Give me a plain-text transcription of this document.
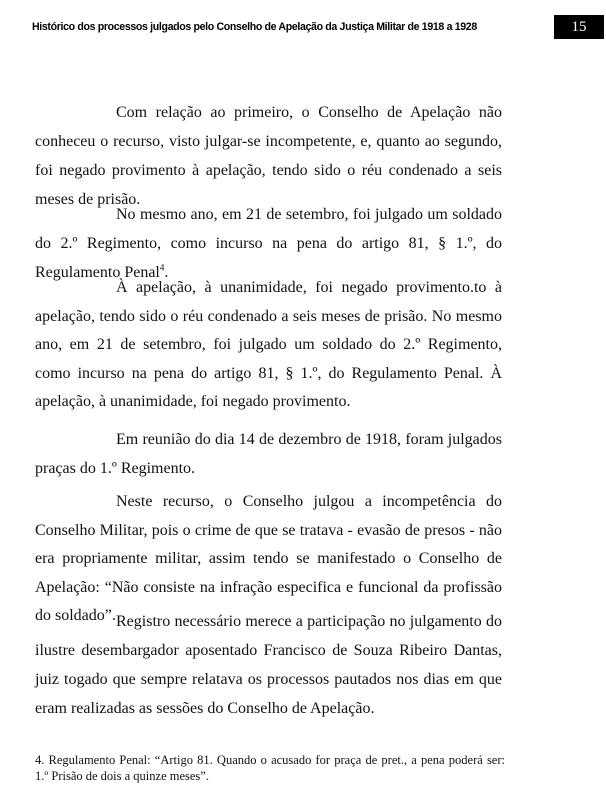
Histórico dos processos julgados pelo Conselho de Apelação da Justiça Militar de 1918 a 1928	15

Com relação ao primeiro, o Conselho de Apelação não conheceu o recurso, visto julgar-se incompetente, e, quanto ao segundo, foi negado provimento à apelação, tendo sido o réu condenado a seis meses de prisão.

No mesmo ano, em 21 de setembro, foi julgado um soldado do 2.º Regimento, como incurso na pena do artigo 81, § 1.º, do Regulamento Penal$^4$.

À apelação, à unanimidade, foi negado provimento.to à apelação, tendo sido o réu condenado a seis meses de prisão. No mesmo ano, em 21 de setembro, foi julgado um soldado do 2.º Regimento, como incurso na pena do artigo 81, § 1.º, do Regulamento Penal. À apelação, à unanimidade, foi negado provimento.

Em reunião do dia 14 de dezembro de 1918, foram julgados praças do 1.º Regimento.

Neste recurso, o Conselho julgou a incompetência do Conselho Militar, pois o crime de que se tratava - evasão de presos - não era propriamente militar, assim tendo se manifestado o Conselho de Apelação: “Não consiste na infração especifica e funcional da profissão do soldado”. Registro necessário merece a participação no julgamento do ilustre desembargador aposentado Francisco de Souza Ribeiro Dantas, juiz togado que sempre relatava os processos pautados nos dias em que eram realizadas as sessões do Conselho de Apelação.

4. Regulamento Penal: “Artigo 81. Quando o acusado for praça de pret., a pena poderá ser: 1.º Prisão de dois a quinze meses”.
